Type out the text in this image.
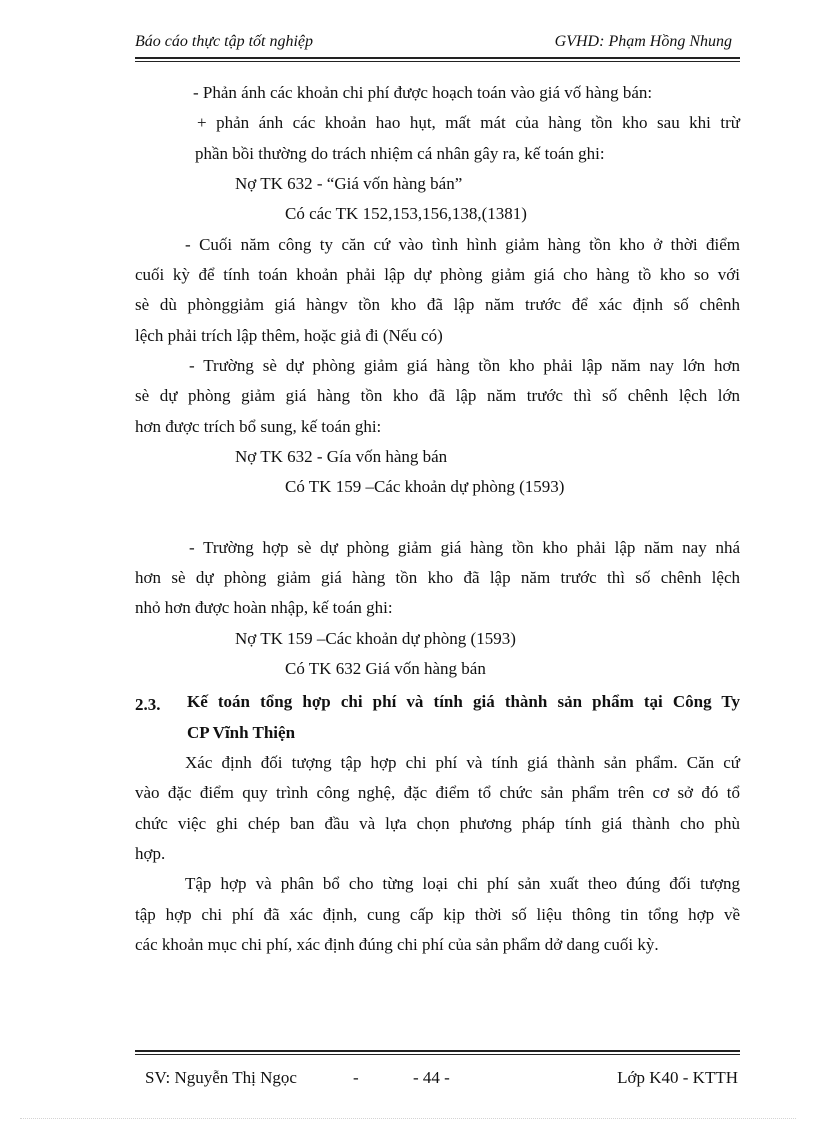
Báo cáo thực tập tốt nghiệp	GVHD: Phạm Hồng Nhung
- Phản ánh các khoản chi phí được hoạch toán vào giá vố hàng bán:
+ phản ánh các khoản hao hụt, mất mát của hàng tồn kho sau khi trừ
phần bồi thường do trách nhiệm cá nhân gây ra, kế toán ghi:
Nợ TK 632 - “Giá vốn hàng bán”
Có các TK 152,153,156,138,(1381)
- Cuối năm công ty căn cứ vào tình hình giảm hàng tồn kho ở thời điểm
cuối kỳ để tính toán khoản phải lập dự phòng giảm giá cho hàng tồ kho so với
sè dù phònggiảm giá hàngv tồn kho đã lập năm trước để xác định số chênh
lệch phải trích lập thêm, hoặc giả đi (Nếu có)
- Trường sè dự phòng giảm giá hàng tồn kho phải lập năm nay lớn hơn
sè dự phòng giảm giá hàng tồn kho đã lập năm trước thì số chênh lệch lớn
hơn được trích bổ sung, kế toán ghi:
Nợ TK 632 - Gía vốn hàng bán
Có TK 159 –Các khoản dự phòng (1593)
- Trường hợp sè dự phòng giảm giá hàng tồn kho phải lập năm nay nhá
hơn sè dự phòng giảm giá hàng tồn kho đã lập năm trước thì số chênh lệch
nhỏ hơn được hoàn nhập, kế toán ghi:
Nợ TK 159 –Các khoản dự phòng (1593)
Có TK 632 Giá vốn hàng bán
2.3. Kế toán tổng hợp chi phí và tính giá thành sản phẩm tại Công Ty
CP Vĩnh Thiện
Xác định đối tượng tập hợp chi phí và tính giá thành sản phẩm. Căn cứ
vào đặc điểm quy trình công nghệ, đặc điểm tổ chức sản phẩm trên cơ sở đó tổ
chức việc ghi chép ban đầu và lựa chọn phương pháp tính giá thành cho phù
hợp.
Tập hợp và phân bổ cho từng loại chi phí sản xuất theo đúng đối tượng
tập hợp chi phí đã xác định, cung cấp kịp thời số liệu thông tin tổng hợp về
các khoản mục chi phí, xác định đúng chi phí của sản phẩm dở dang cuối kỳ.
SV: Nguyễn Thị Ngọc	-	- 44 -	Lớp K40 - KTTH
